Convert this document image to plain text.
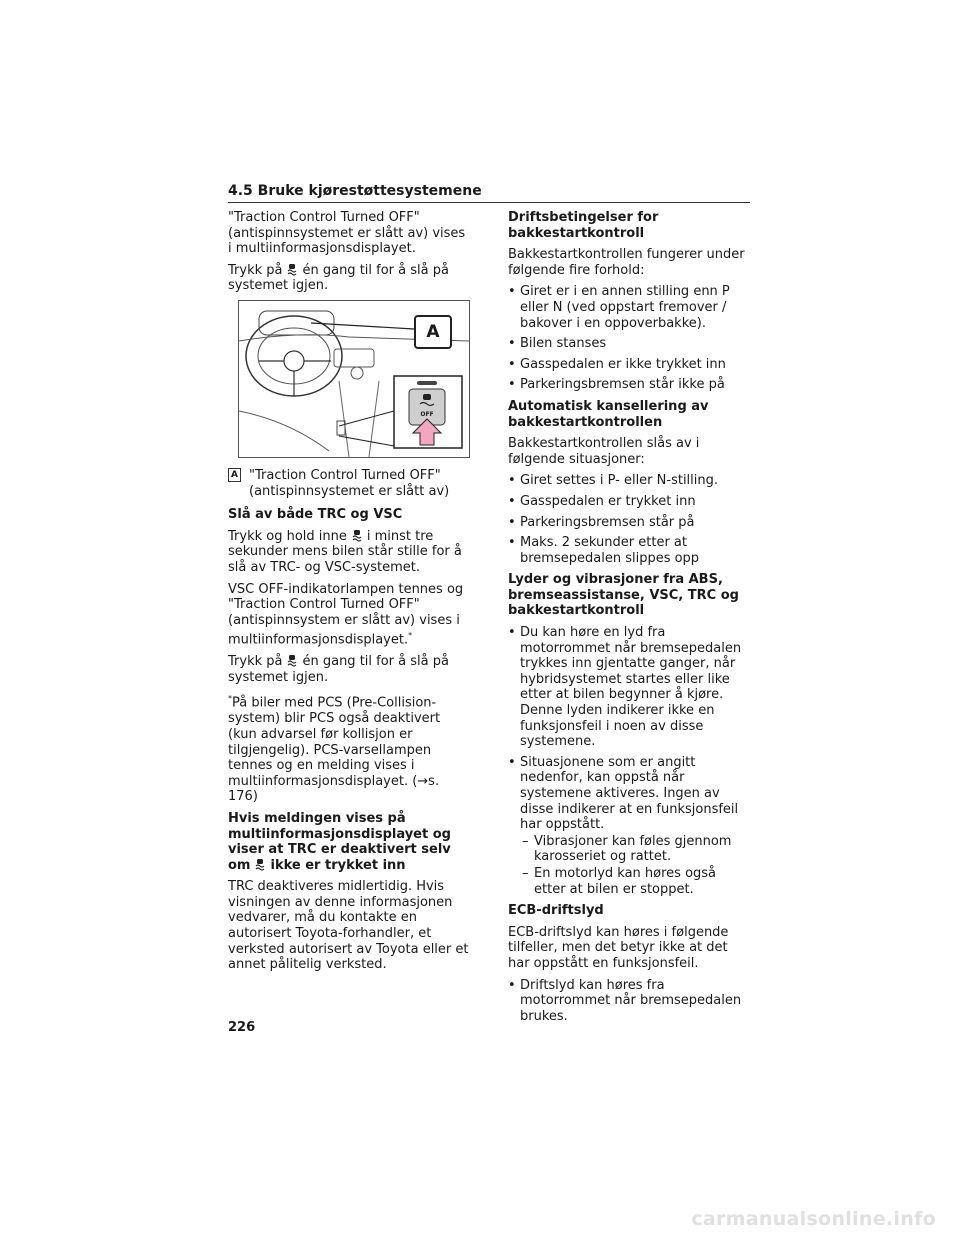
4.5 Bruke kjørestøttesystemene

"Traction Control Turned OFF" (antispinnsystemet er slått av) vises i multiinformasjonsdisplayet.

Trykk på én gang til for å slå på systemet igjen.

OFF
A
A "Traction Control Turned OFF" (antispinnsystemet er slått av)
Slå av både TRC og VSC

Trykk og hold inne i minst tre sekunder mens bilen står stille for å slå av TRC- og VSC-systemet.

VSC OFF-indikatorlampen tennes og "Traction Control Turned OFF" (antispinnsystem er slått av) vises i multiinformasjonsdisplayet.*

Trykk på én gang til for å slå på systemet igjen.

*På biler med PCS (Pre-Collision-system) blir PCS også deaktivert (kun advarsel før kollisjon er tilgjengelig). PCS-varsellampen tennes og en melding vises i multiinformasjonsdisplayet. (→s. 176)

Hvis meldingen vises på multiinformasjonsdisplayet og viser at TRC er deaktivert selv om ikke er trykket inn

TRC deaktiveres midlertidig. Hvis visningen av denne informasjonen vedvarer, må du kontakte en autorisert Toyota-forhandler, et verksted autorisert av Toyota eller et annet pålitelig verksted.

Driftsbetingelser for bakkestartkontroll

Bakkestartkontrollen fungerer under følgende fire forhold:

• Giret er i en annen stilling enn P eller N (ved oppstart fremover / bakover i en oppoverbakke).
• Bilen stanses
• Gasspedalen er ikke trykket inn
• Parkeringsbremsen står ikke på
Automatisk kansellering av bakkestartkontrollen

Bakkestartkontrollen slås av i følgende situasjoner:

• Giret settes i P- eller N-stilling.
• Gasspedalen er trykket inn
• Parkeringsbremsen står på
• Maks. 2 sekunder etter at bremsepedalen slippes opp
Lyder og vibrasjoner fra ABS, bremseassistanse, VSC, TRC og bakkestartkontroll
• Du kan høre en lyd fra motorrommet når bremsepedalen trykkes inn gjentatte ganger, når hybridsystemet startes eller like etter at bilen begynner å kjøre. Denne lyden indikerer ikke en funksjonsfeil i noen av disse systemene.
• Situasjonene som er angitt nedenfor, kan oppstå når systemene aktiveres. Ingen av disse indikerer at en funksjonsfeil har oppstått.
– Vibrasjoner kan føles gjennom karosseriet og rattet.
– En motorlyd kan høres også etter at bilen er stoppet.
ECB-driftslyd

ECB-driftslyd kan høres i følgende tilfeller, men det betyr ikke at det har oppstått en funksjonsfeil.

• Driftslyd kan høres fra motorrommet når bremsepedalen brukes.
226
carmanualsonline.info
